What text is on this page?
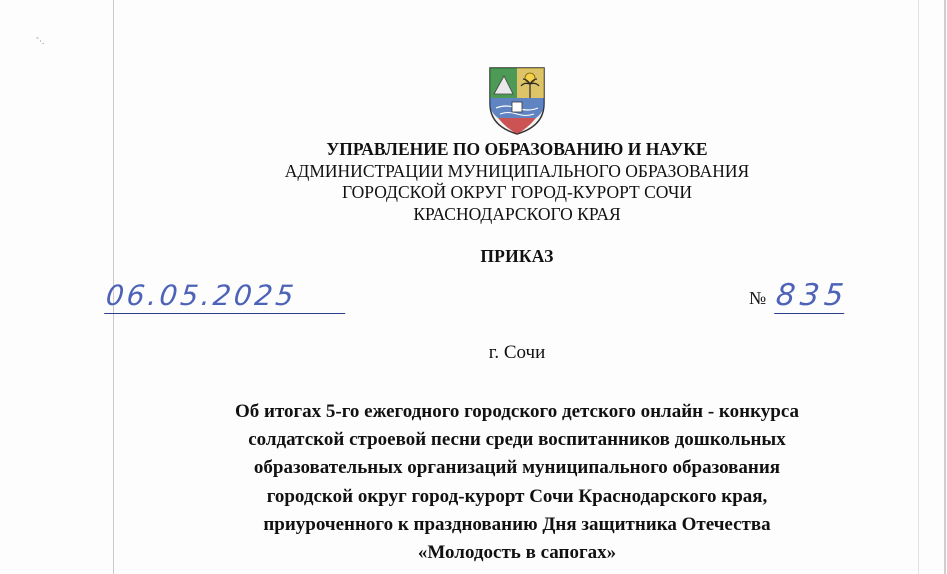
˚·.
УПРАВЛЕНИЕ ПО ОБРАЗОВАНИЮ И НАУКЕ
АДМИНИСТРАЦИИ МУНИЦИПАЛЬНОГО ОБРАЗОВАНИЯ
ГОРОДСКОЙ ОКРУГ ГОРОД-КУРОРТ СОЧИ
КРАСНОДАРСКОГО КРАЯ
ПРИКАЗ
06.05.2025	№ 835
г. Сочи
Об итогах 5-го ежегодного городского детского онлайн - конкурса
солдатской строевой песни среди воспитанников дошкольных
образовательных организаций муниципального образования
городской округ город-курорт Сочи Краснодарского края,
приуроченного к празднованию Дня защитника Отечества
«Молодость в сапогах»
